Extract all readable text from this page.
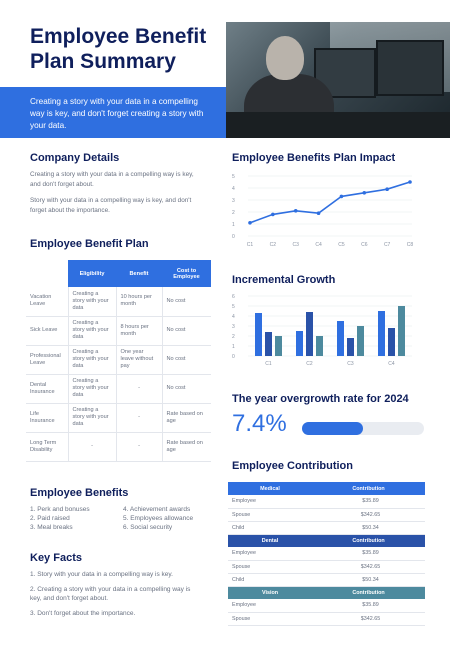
Employee Benefit Plan Summary
Creating a story with your data in a compelling way is key, and don't forget creating a story with your data.
Company Details
Creating a story with your data in a compelling way is key, and don't forget about.
Story with your data in a compelling way is key, and don't forget about the importance.
Employee Benefit Plan
	Eligibility	Benefit	Cost to Employee
Vacation Leave	Creating a story with your data	10 hours per month	No cost
Sick Leave	Creating a story with your data	8 hours per month	No cost
Professional Leave	Creating a story with your data	One year leave without pay	No cost
Dental Insurance	Creating a story with your data	-	No cost
Life Insurance	Creating a story with your data	-	Rate based on age
Long Term Disability	-	-	Rate based on age
Employee Benefits
1. Perk and bonuses
2. Paid raised
3. Meal breaks
4. Achievement awards
5. Employees allowance
6. Social security
Key Facts
1. Story with your data in a compelling way is key.
2. Creating a story with your data in a compelling way is key, and don't forget about.
3. Don't forget about the importance.
Employee Benefits Plan Impact
0
1
2
3
4
5
C1	C2	C3	C4	C5	C6	C7	C8
Incremental Growth
0
1
2
3
4
5
6
C1	C2	C3	C4
The year overgrowth rate for 2024
7.4%
Employee Contribution
Medical	Contribution
Employee	$35.89
Spouse	$342.65
Child	$50.34
Dental	Contribution
Employee	$35.89
Spouse	$342.65
Child	$50.34
Vision	Contribution
Employee	$35.89
Spouse	$342.65
